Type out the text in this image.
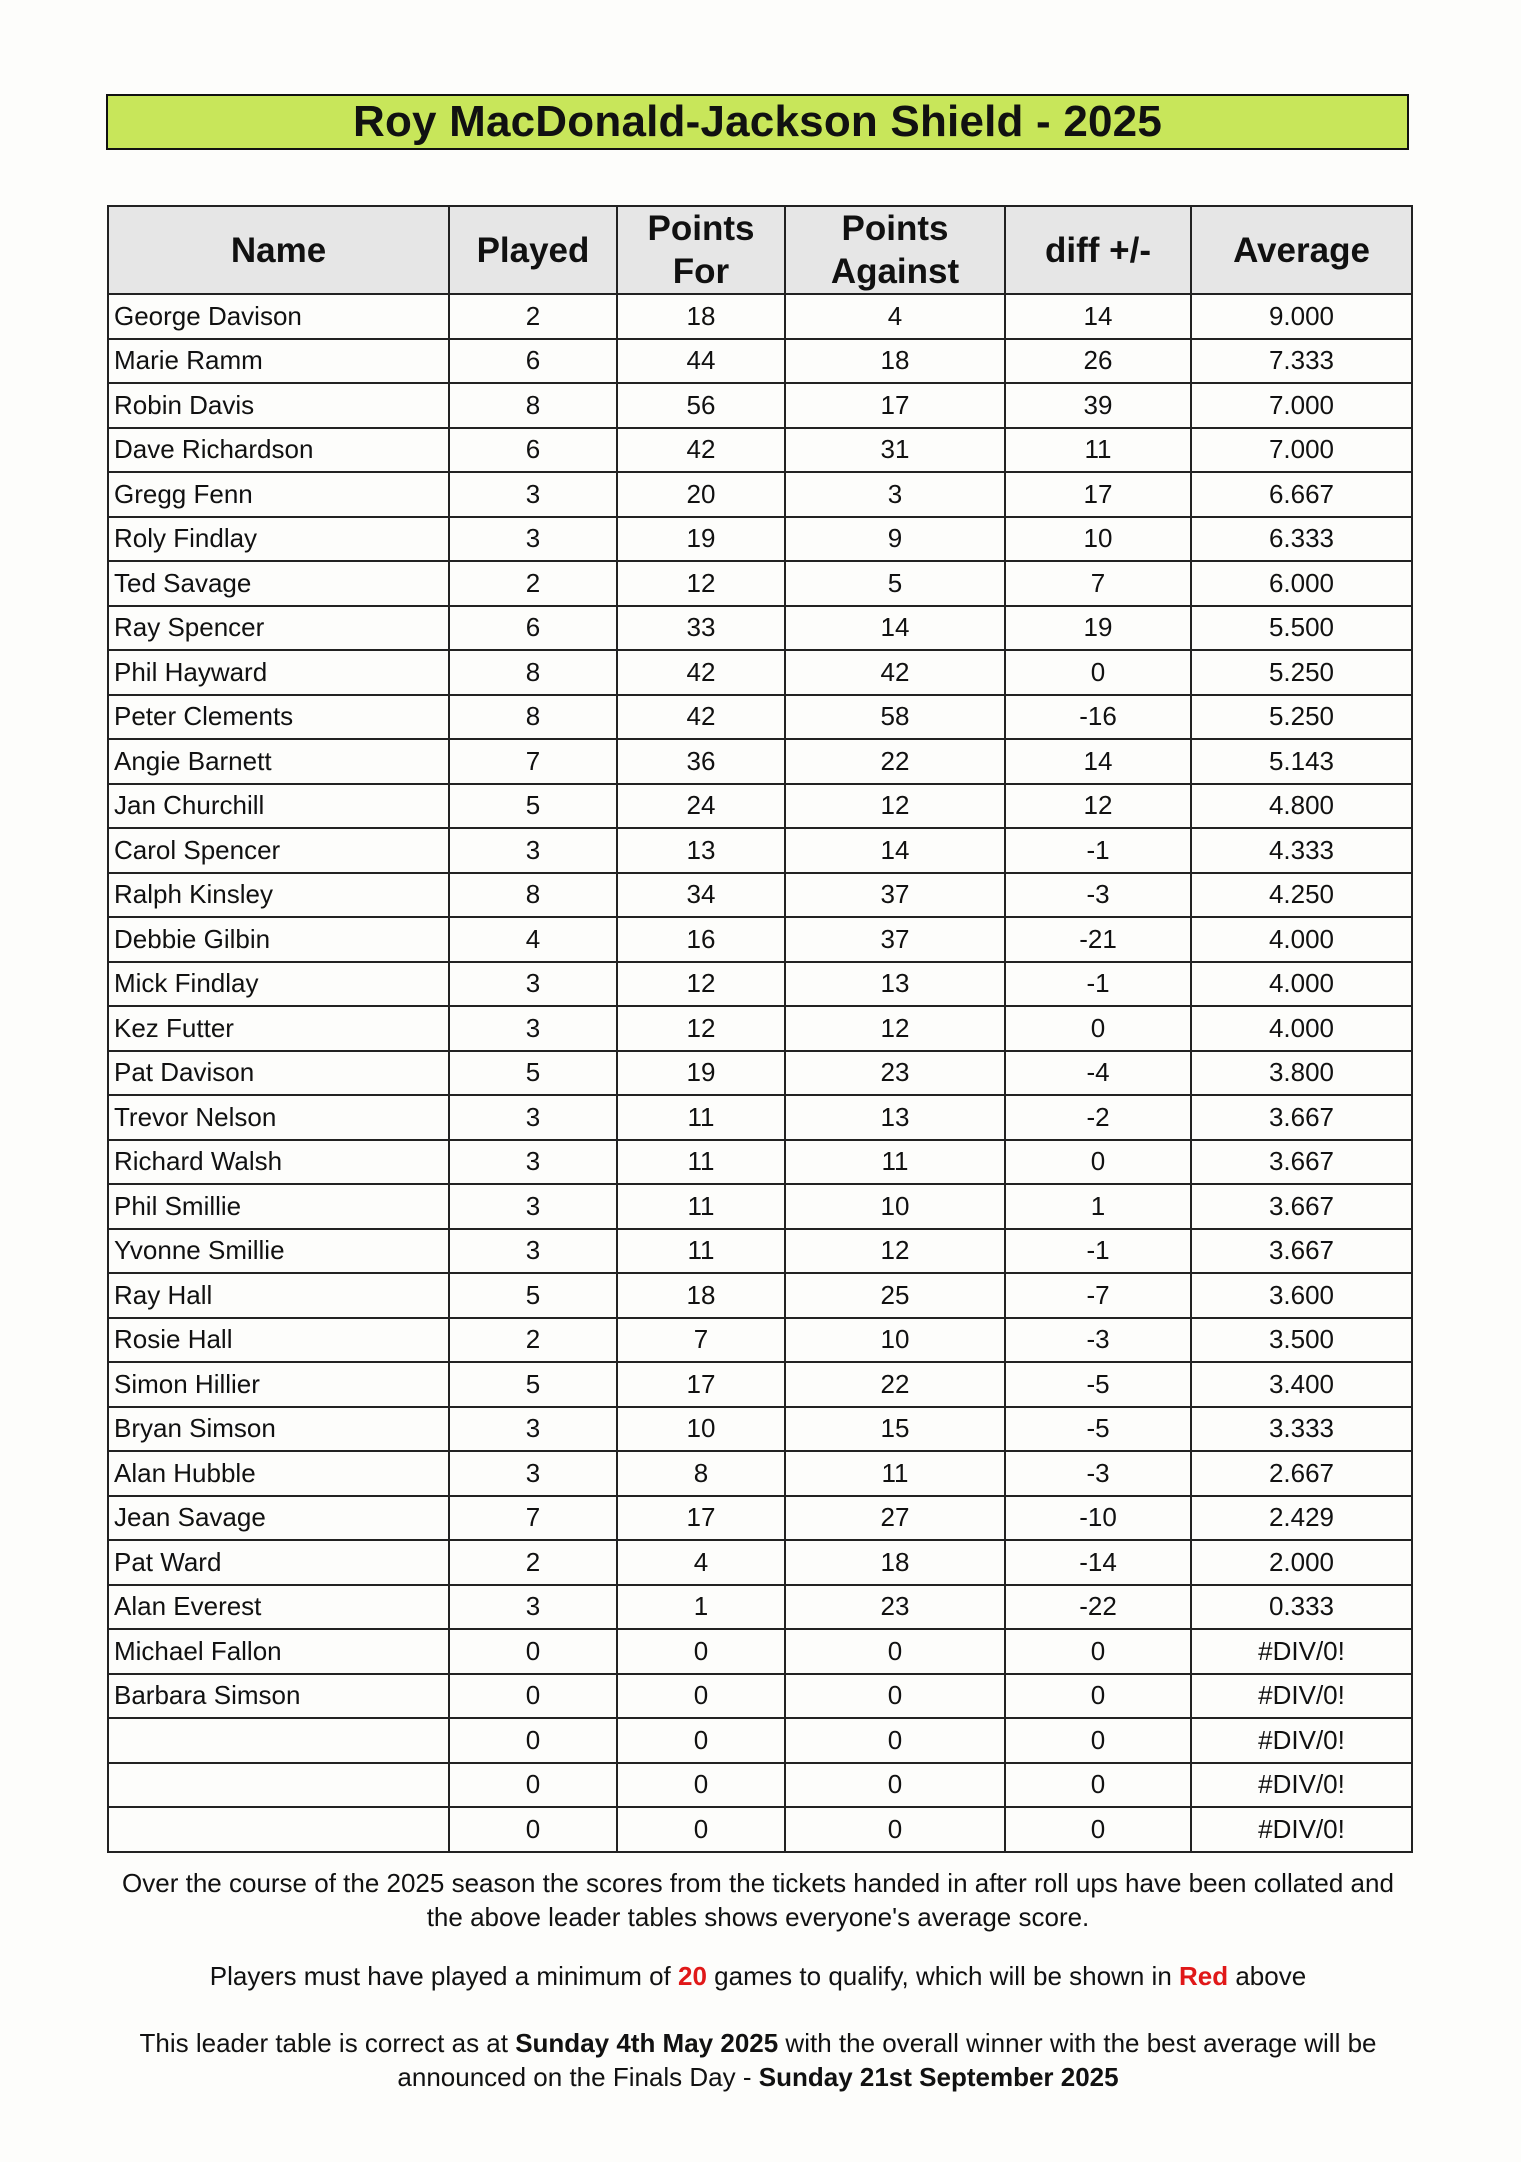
Roy MacDonald-Jackson Shield - 2025
Name	Played	Points For	Points Against	diff +/-	Average
George Davison	2	18	4	14	9.000
Marie Ramm	6	44	18	26	7.333
Robin Davis	8	56	17	39	7.000
Dave Richardson	6	42	31	11	7.000
Gregg Fenn	3	20	3	17	6.667
Roly Findlay	3	19	9	10	6.333
Ted Savage	2	12	5	7	6.000
Ray Spencer	6	33	14	19	5.500
Phil Hayward	8	42	42	0	5.250
Peter Clements	8	42	58	-16	5.250
Angie Barnett	7	36	22	14	5.143
Jan Churchill	5	24	12	12	4.800
Carol Spencer	3	13	14	-1	4.333
Ralph Kinsley	8	34	37	-3	4.250
Debbie Gilbin	4	16	37	-21	4.000
Mick Findlay	3	12	13	-1	4.000
Kez Futter	3	12	12	0	4.000
Pat Davison	5	19	23	-4	3.800
Trevor Nelson	3	11	13	-2	3.667
Richard Walsh	3	11	11	0	3.667
Phil Smillie	3	11	10	1	3.667
Yvonne Smillie	3	11	12	-1	3.667
Ray Hall	5	18	25	-7	3.600
Rosie Hall	2	7	10	-3	3.500
Simon Hillier	5	17	22	-5	3.400
Bryan Simson	3	10	15	-5	3.333
Alan Hubble	3	8	11	-3	2.667
Jean Savage	7	17	27	-10	2.429
Pat Ward	2	4	18	-14	2.000
Alan Everest	3	1	23	-22	0.333
Michael Fallon	0	0	0	0	#DIV/0!
Barbara Simson	0	0	0	0	#DIV/0!
	0	0	0	0	#DIV/0!
	0	0	0	0	#DIV/0!
	0	0	0	0	#DIV/0!

Over the course of the 2025 season the scores from the tickets handed in after roll ups have been collated and the above leader tables shows everyone's average score.

Players must have played a minimum of 20 games to qualify, which will be shown in Red above

This leader table is correct as at Sunday 4th May 2025 with the overall winner with the best average will be announced on the Finals Day - Sunday 21st September 2025
